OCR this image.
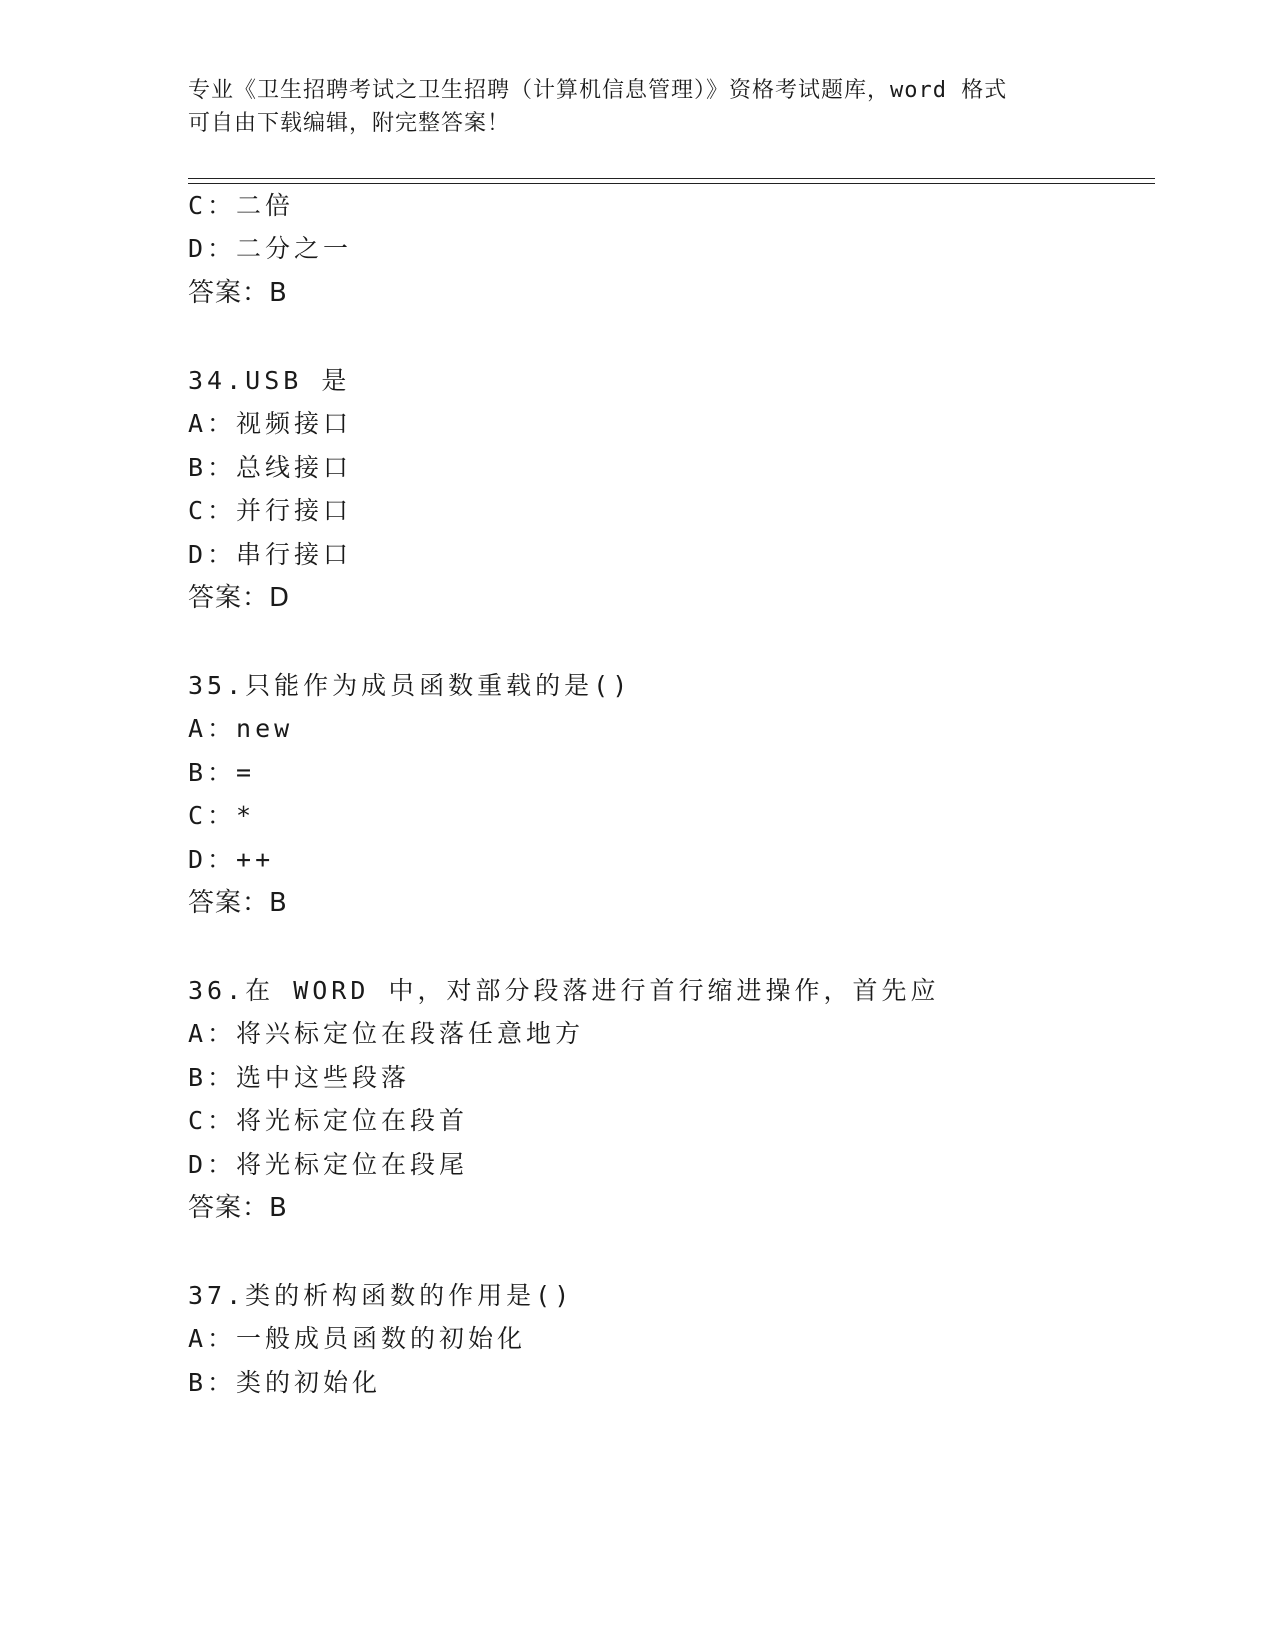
专业《卫生招聘考试之卫生招聘（计算机信息管理）》资格考试题库，word 格式
可自由下载编辑，附完整答案！
C：二倍
D：二分之一
答案：B
34.USB 是
A：视频接口
B：总线接口
C：并行接口
D：串行接口
答案：D
35.只能作为成员函数重载的是()
A：new
B：=
C：*
D：++
答案：B
36.在 WORD 中，对部分段落进行首行缩进操作，首先应
A：将兴标定位在段落任意地方
B：选中这些段落
C：将光标定位在段首
D：将光标定位在段尾
答案：B
37.类的析构函数的作用是()
A：一般成员函数的初始化
B：类的初始化
